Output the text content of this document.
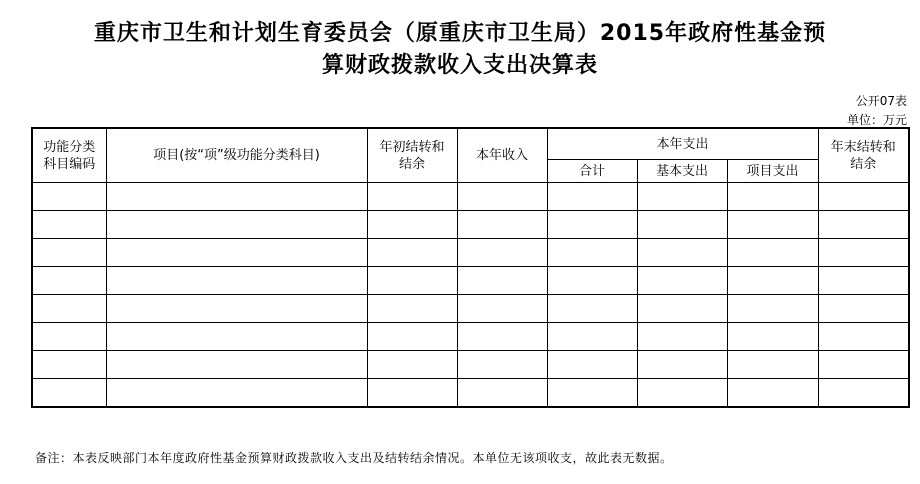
重庆市卫生和计划生育委员会（原重庆市卫生局）2015年政府性基金预
算财政拨款收入支出决算表
公开07表
单位：万元
功能分类科目编码	项目(按“项”级功能分类科目)	年初结转和结余	本年收入	本年支出			年末结转和结余
				合计	基本支出	项目支出	

备注：本表反映部门本年度政府性基金预算财政拨款收入支出及结转结余情况。本单位无该项收支，故此表无数据。
